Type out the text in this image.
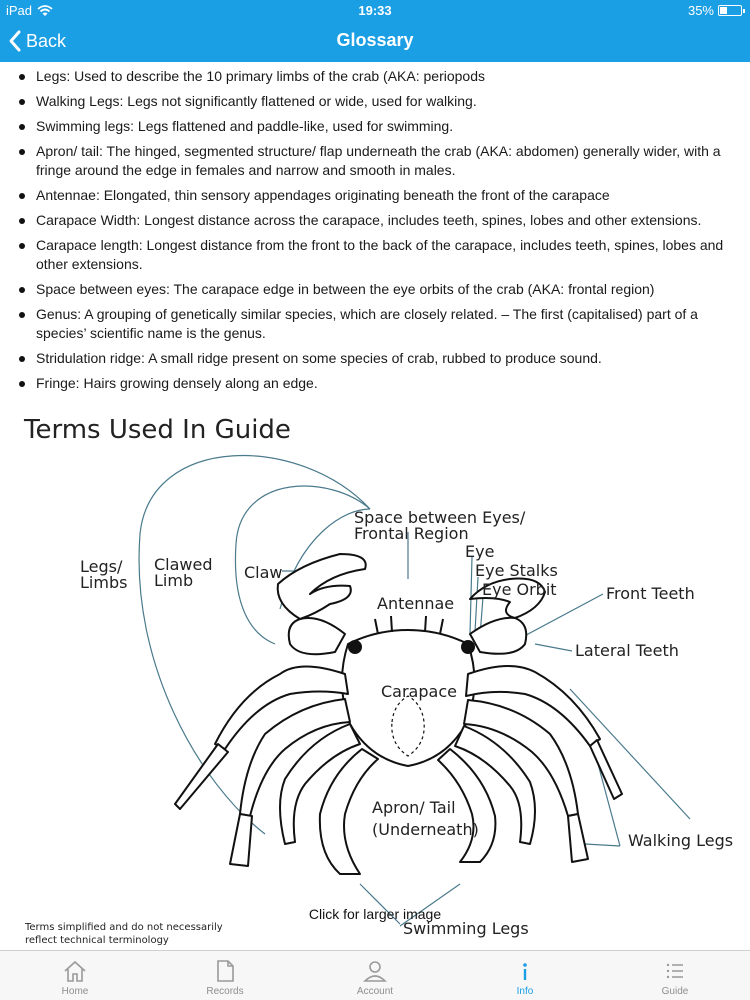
iPad	19:33	35%
Back	Glossary
Legs: Used to describe the 10 primary limbs of the crab (AKA: periopods
Walking Legs: Legs not significantly flattened or wide, used for walking.
Swimming legs: Legs flattened and paddle-like, used for swimming.
Apron/ tail: The hinged, segmented structure/ flap underneath the crab (AKA: abdomen) generally wider, with a fringe around the edge in females and narrow and smooth in males.
Antennae: Elongated, thin sensory appendages originating beneath the front of the carapace
Carapace Width: Longest distance across the carapace, includes teeth, spines, lobes and other extensions.
Carapace length: Longest distance from the front to the back of the carapace, includes teeth, spines, lobes and other extensions.
Space between eyes: The carapace edge in between the eye orbits of the crab (AKA: frontal region)
Genus: A grouping of genetically similar species, which are closely related. – The first (capitalised) part of a species’ scientific name is the genus.
Stridulation ridge: A small ridge present on some species of crab, rubbed to produce sound.
Fringe: Hairs growing densely along an edge.
Terms Used In Guide
Legs/
Limbs
Clawed
Limb	Claw
Space between Eyes/
Frontal Region
Eye
Eye Stalks
Eye Orbit
Antennae
Front Teeth
Lateral Teeth
Carapace
Apron/ Tail
(Underneath)
Walking Legs
Swimming Legs
Terms simplified and do not necessarily
reflect technical terminology
Click for larger image
Home	Records	Account	Info	Guide
